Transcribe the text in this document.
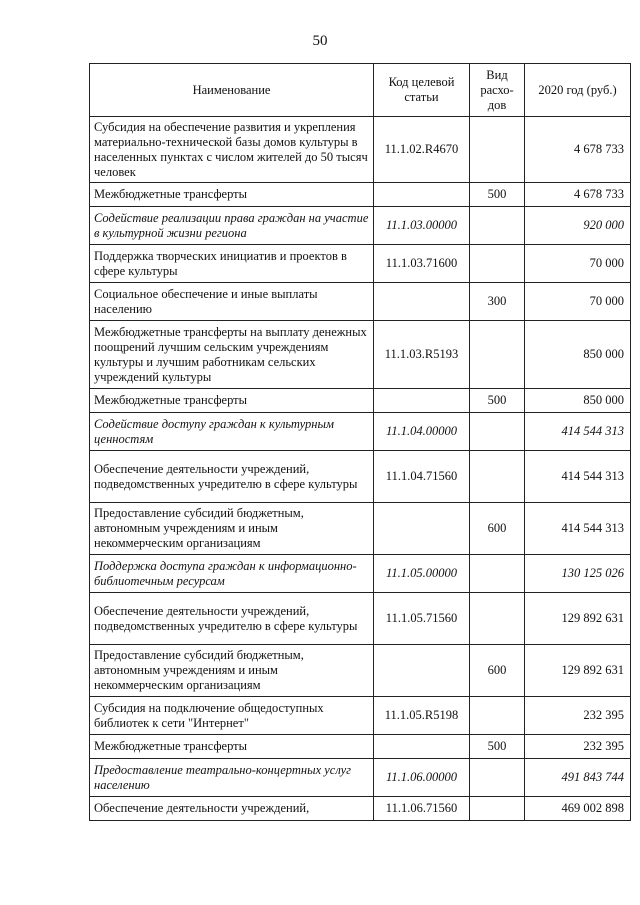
50
Наименование	Код целевой статьи	Вид расхо-дов	2020 год (руб.)
Субсидия на обеспечение развития и укрепления материально-технической базы домов культуры в населенных пунктах с числом жителей до 50 тысяч человек	11.1.02.R4670		4 678 733
Межбюджетные трансферты		500	4 678 733
Содействие реализации права граждан на участие в культурной жизни региона	11.1.03.00000		920 000
Поддержка творческих инициатив и проектов в сфере культуры	11.1.03.71600		70 000
Социальное обеспечение и иные выплаты населению		300	70 000
Межбюджетные трансферты на выплату денежных поощрений лучшим сельским учреждениям культуры и лучшим работникам сельских учреждений культуры	11.1.03.R5193		850 000
Межбюджетные трансферты		500	850 000
Содействие доступу граждан к культурным ценностям	11.1.04.00000		414 544 313
Обеспечение деятельности учреждений, подведомственных учредителю в сфере культуры	11.1.04.71560		414 544 313
Предоставление субсидий бюджетным, автономным учреждениям и иным некоммерческим организациям		600	414 544 313
Поддержка доступа граждан к информационно-библиотечным ресурсам	11.1.05.00000		130 125 026
Обеспечение деятельности учреждений, подведомственных учредителю в сфере культуры	11.1.05.71560		129 892 631
Предоставление субсидий бюджетным, автономным учреждениям и иным некоммерческим организациям		600	129 892 631
Субсидия на подключение общедоступных библиотек к сети "Интернет"	11.1.05.R5198		232 395
Межбюджетные трансферты		500	232 395
Предоставление театрально-концертных услуг населению	11.1.06.00000		491 843 744
Обеспечение деятельности учреждений,	11.1.06.71560		469 002 898
